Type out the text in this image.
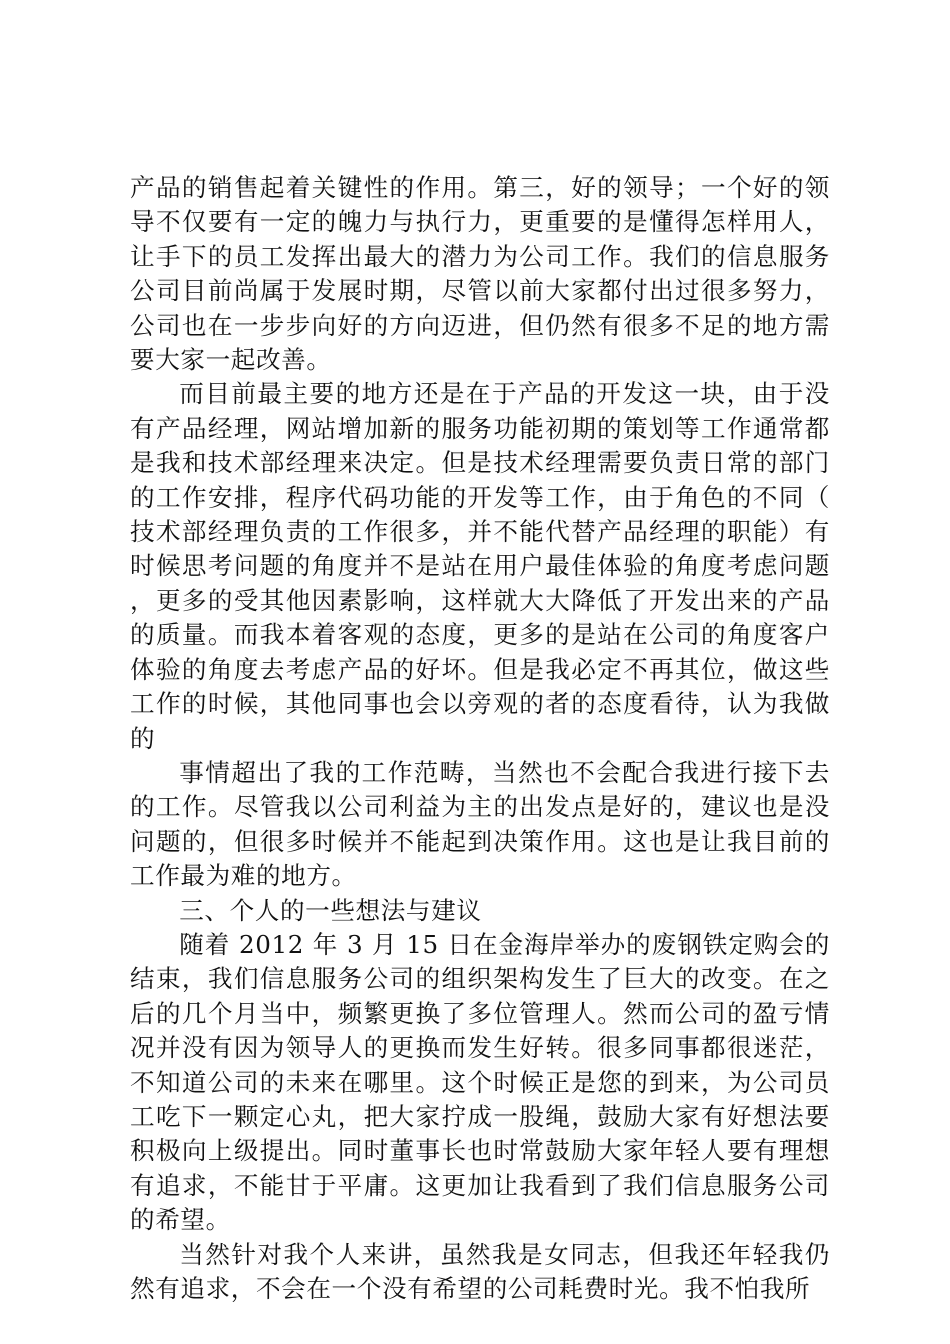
产品的销售起着关键性的作用。第三，好的领导；一个好的领导不仅要有一定的魄力与执行力，更重要的是懂得怎样用人，让手下的员工发挥出最大的潜力为公司工作。我们的信息服务公司目前尚属于发展时期，尽管以前大家都付出过很多努力，公司也在一步步向好的方向迈进，但仍然有很多不足的地方需要大家一起改善。

而目前最主要的地方还是在于产品的开发这一块，由于没有产品经理，网站增加新的服务功能初期的策划等工作通常都是我和技术部经理来决定。但是技术经理需要负责日常的部门的工作安排，程序代码功能的开发等工作，由于角色的不同（技术部经理负责的工作很多，并不能代替产品经理的职能）有时候思考问题的角度并不是站在用户最佳体验的角度考虑问题，更多的受其他因素影响，这样就大大降低了开发出来的产品的质量。而我本着客观的态度，更多的是站在公司的角度客户体验的角度去考虑产品的好坏。但是我必定不再其位，做这些工作的时候，其他同事也会以旁观的者的态度看待，认为我做的

事情超出了我的工作范畴，当然也不会配合我进行接下去的工作。尽管我以公司利益为主的出发点是好的，建议也是没问题的，但很多时候并不能起到决策作用。这也是让我目前的工作最为难的地方。

三、个人的一些想法与建议

随着 2012 年 3 月 15 日在金海岸举办的废钢铁定购会的结束，我们信息服务公司的组织架构发生了巨大的改变。在之后的几个月当中，频繁更换了多位管理人。然而公司的盈亏情况并没有因为领导人的更换而发生好转。很多同事都很迷茫，不知道公司的未来在哪里。这个时候正是您的到来，为公司员工吃下一颗定心丸，把大家拧成一股绳，鼓励大家有好想法要积极向上级提出。同时董事长也时常鼓励大家年轻人要有理想有追求，不能甘于平庸。这更加让我看到了我们信息服务公司的希望。

当然针对我个人来讲，虽然我是女同志，但我还年轻我仍然有追求，不会在一个没有希望的公司耗费时光。我不怕我所
